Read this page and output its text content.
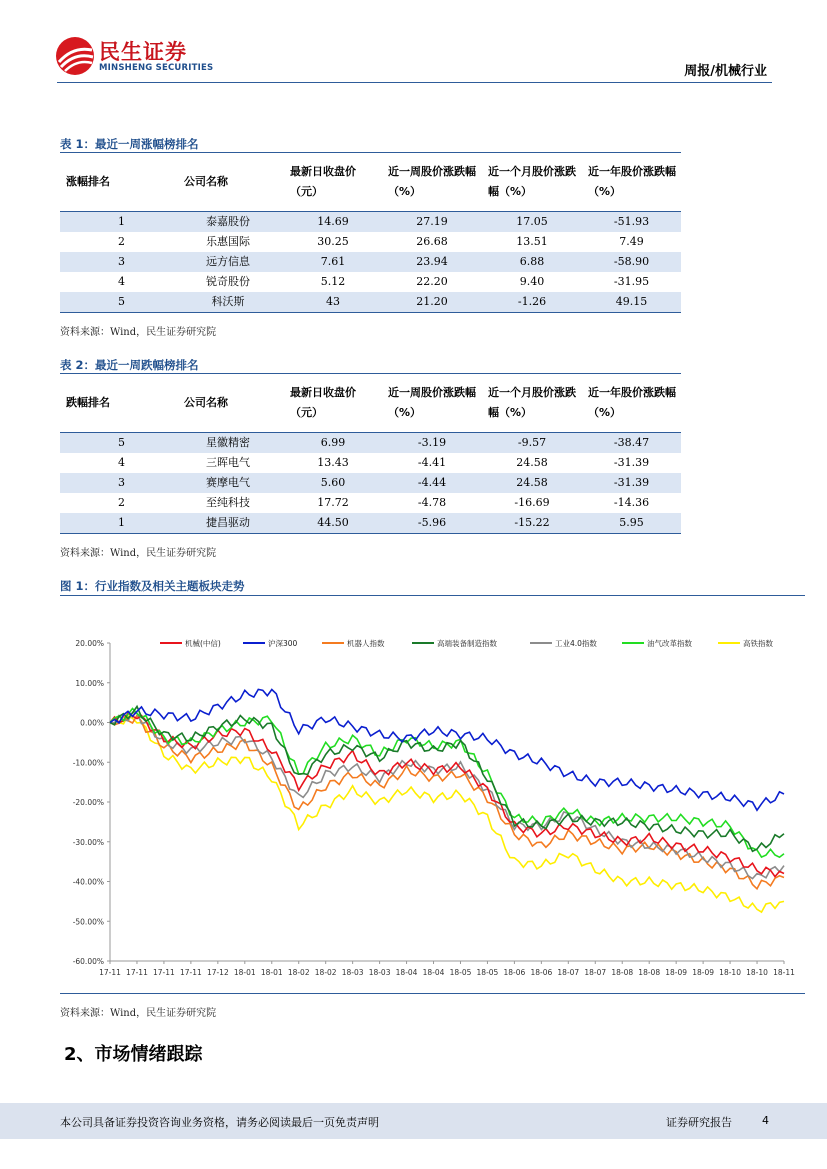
民生证券
MINSHENG SECURITIES	周报/机械行业
表 1：最近一周涨幅榜排名
涨幅排名	公司名称	最新日收盘价（元）	近一周股价涨跌幅（%）	近一个月股价涨跌幅（%）	近一年股价涨跌幅（%）
1	泰嘉股份	14.69	27.19	17.05	-51.93
2	乐惠国际	30.25	26.68	13.51	7.49
3	远方信息	7.61	23.94	6.88	-58.90
4	锐奇股份	5.12	22.20	9.40	-31.95
5	科沃斯	43	21.20	-1.26	49.15
资料来源：Wind，民生证券研究院
表 2：最近一周跌幅榜排名
跌幅排名	公司名称	最新日收盘价（元）	近一周股价涨跌幅（%）	近一个月股价涨跌幅（%）	近一年股价涨跌幅（%）
5	星徽精密	6.99	-3.19	-9.57	-38.47
4	三晖电气	13.43	-4.41	24.58	-31.39
3	赛摩电气	5.60	-4.44	24.58	-31.39
2	至纯科技	17.72	-4.78	-16.69	-14.36
1	捷昌驱动	44.50	-5.96	-15.22	5.95
资料来源：Wind，民生证券研究院
图 1：行业指数及相关主题板块走势
20.00%
10.00%
0.00%
-10.00%
-20.00%
-30.00%
-40.00%
-50.00%
-60.00%
17-11 17-11 17-11 17-11 17-12 18-01 18-01 18-02 18-02 18-03 18-03 18-04 18-04 18-05 18-05 18-06 18-06 18-07 18-07 18-08 18-08 18-09 18-09 18-10 18-10 18-11
机械(中信)	沪深300	机器人指数	高端装备制造指数	工业4.0指数	油气改革指数	高铁指数
资料来源：Wind，民生证券研究院
2、市场情绪跟踪
本公司具备证券投资咨询业务资格，请务必阅读最后一页免责声明	证券研究报告	4
